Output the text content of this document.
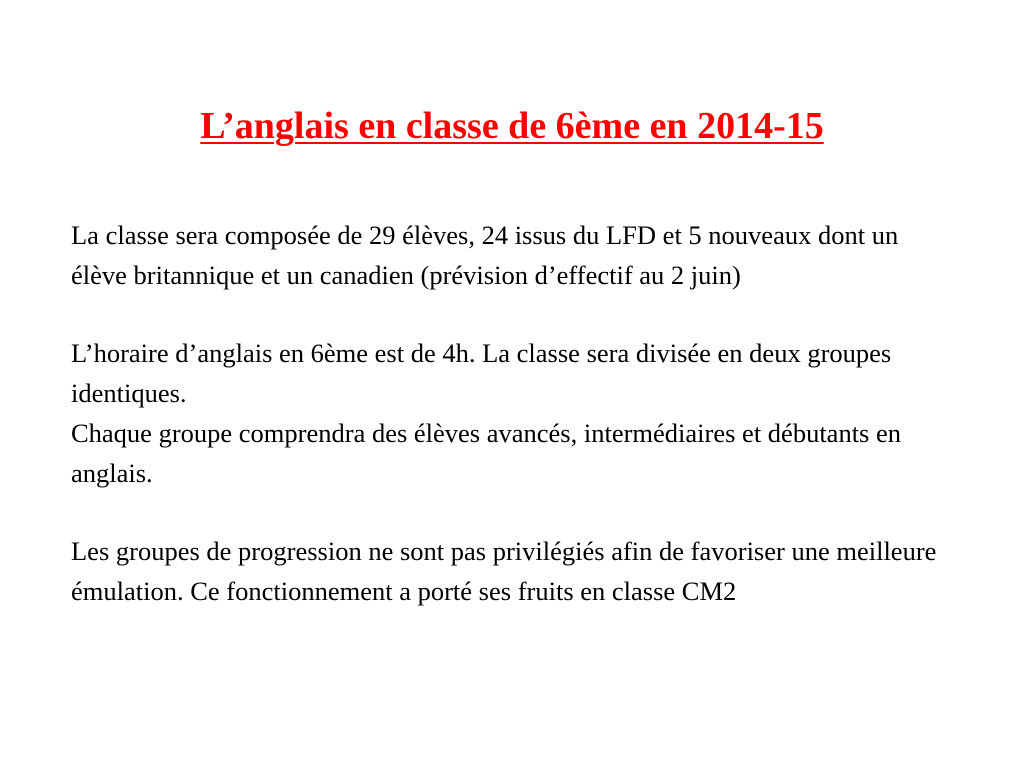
L’anglais en classe de 6ème en 2014-15

La classe sera composée de 29 élèves, 24 issus du LFD et 5 nouveaux dont un élève britannique et un canadien (prévision d’effectif au 2 juin)

L’horaire d’anglais en 6ème est de 4h. La classe sera divisée en deux groupes identiques.

Chaque groupe comprendra des élèves avancés, intermédiaires et débutants en anglais.

Les groupes de progression ne sont pas privilégiés afin de favoriser une meilleure émulation. Ce fonctionnement a porté ses fruits en classe CM2
